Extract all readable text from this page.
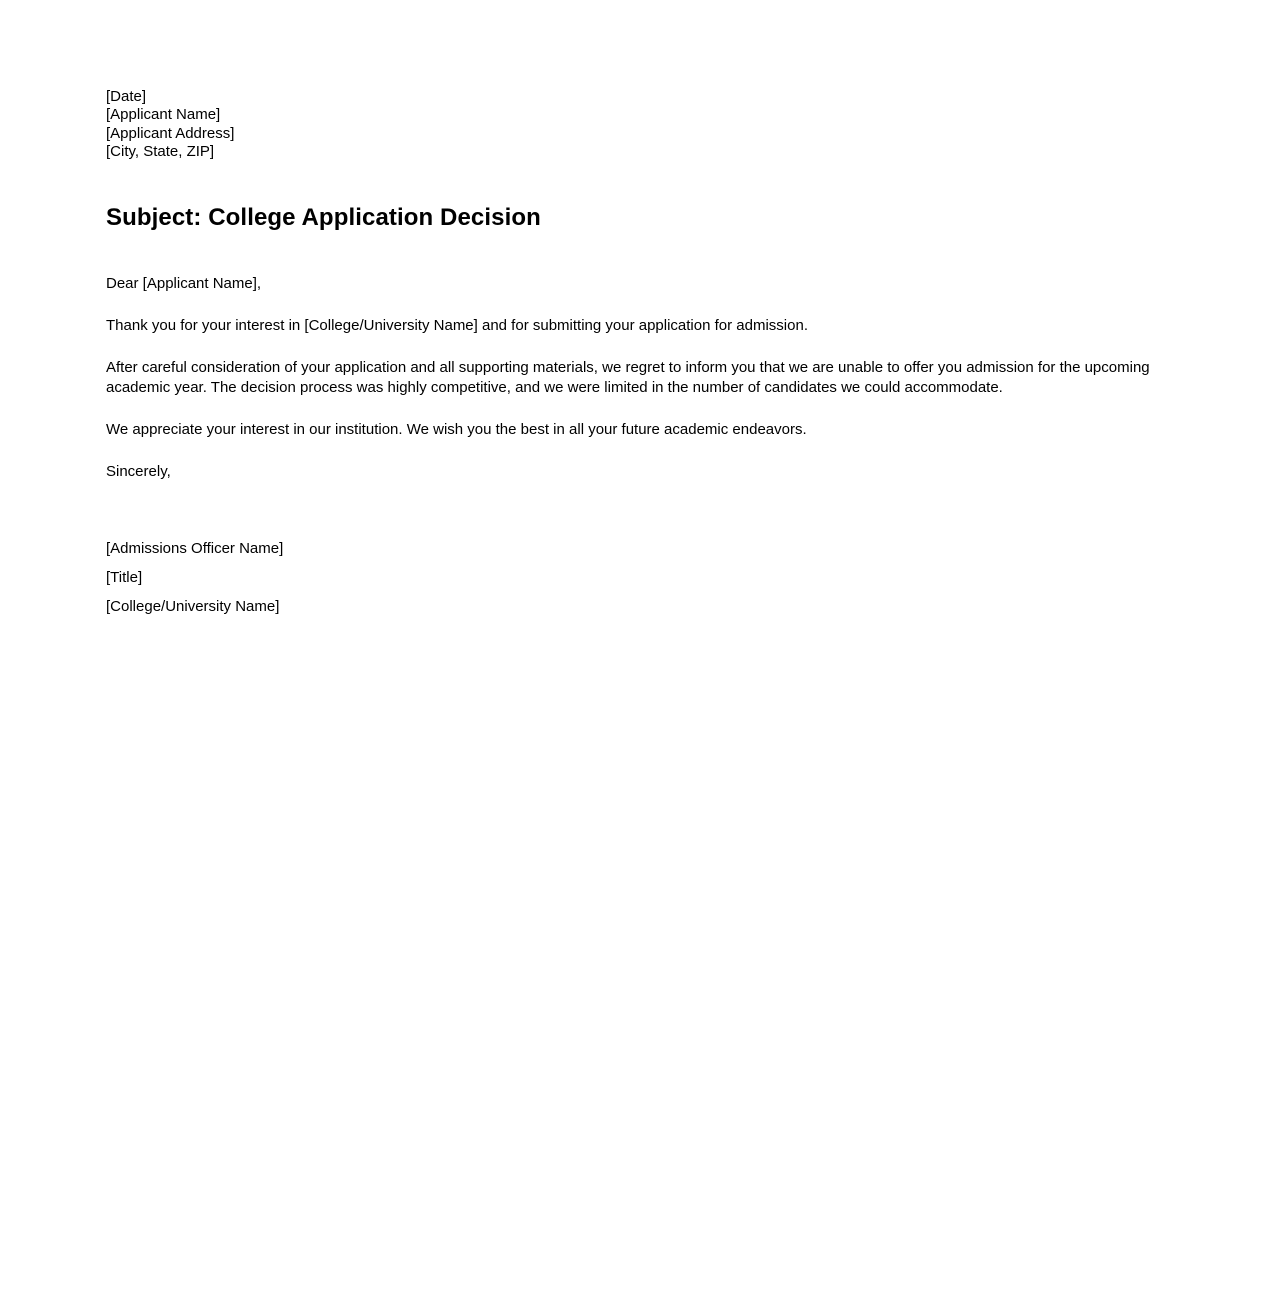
[Date]
[Applicant Name]
[Applicant Address]
[City, State, ZIP]
Subject: College Application Decision

Dear [Applicant Name],

Thank you for your interest in [College/University Name] and for submitting your application for admission.

After careful consideration of your application and all supporting materials, we regret to inform you that we are unable to offer you admission for the upcoming academic year. The decision process was highly competitive, and we were limited in the number of candidates we could accommodate.

We appreciate your interest in our institution. We wish you the best in all your future academic endeavors.

Sincerely,

[Admissions Officer Name]
[Title]
[College/University Name]
